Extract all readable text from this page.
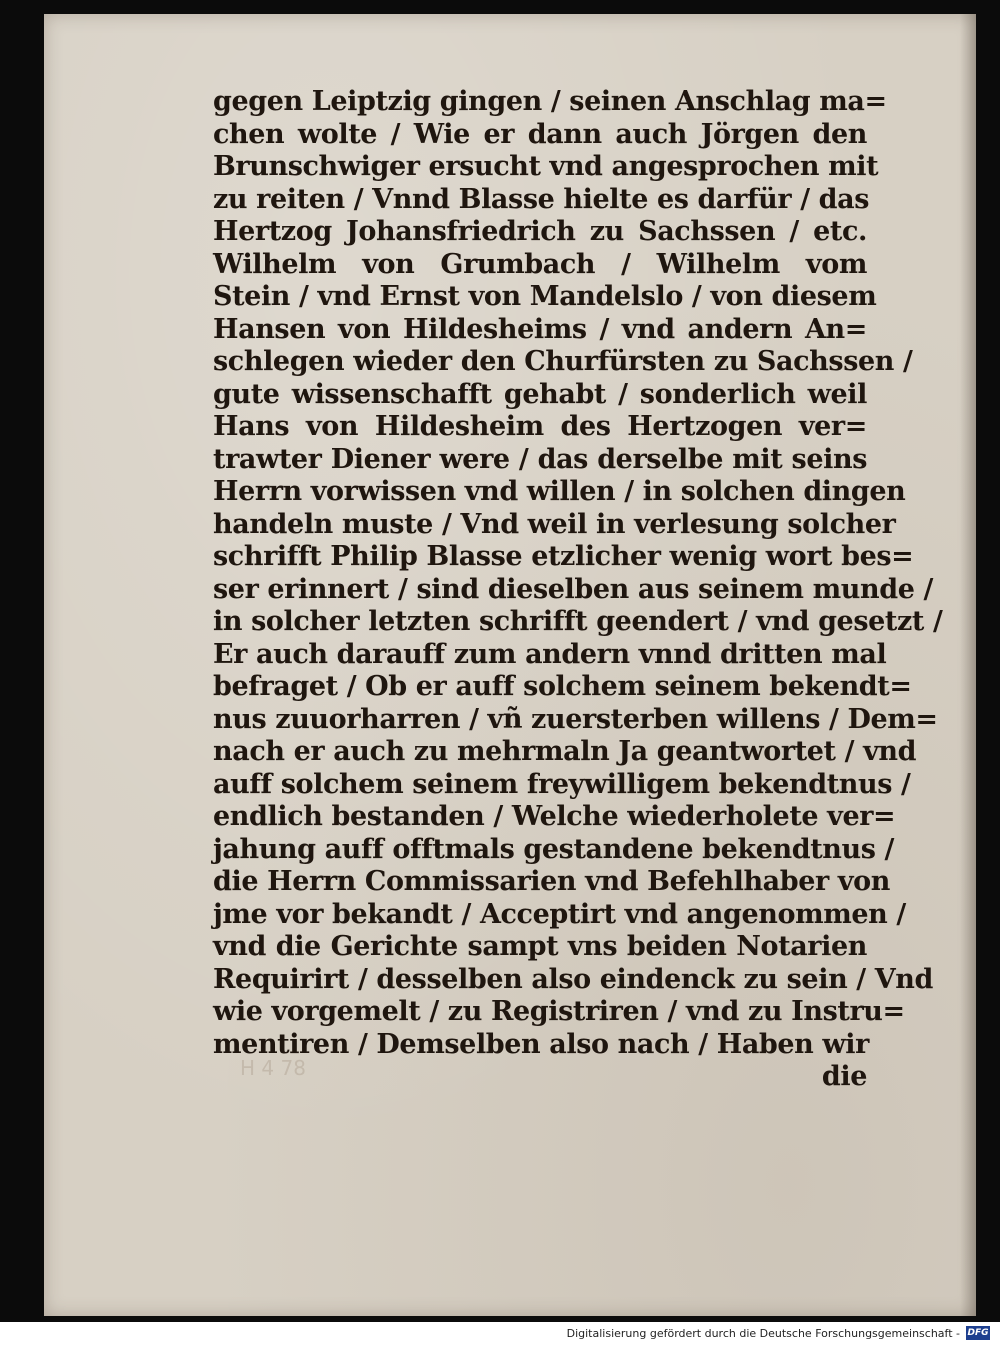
gegen Leiptzig gingen / seinen Anschlag ma=
chen wolte / Wie er dann auch Jörgen den
Brunschwiger ersucht vnd angesprochen mit
zu reiten / Vnnd Blasse hielte es darfür / das
Hertzog Johansfriedrich zu Sachssen / etc.
Wilhelm von Grumbach / Wilhelm vom
Stein / vnd Ernst von Mandelslo / von diesem
Hansen von Hildesheims / vnd andern An=
schlegen wieder den Churfürsten zu Sachssen /
gute wissenschafft gehabt / sonderlich weil
Hans von Hildesheim des Hertzogen ver=
trawter Diener were / das derselbe mit seins
Herrn vorwissen vnd willen / in solchen dingen
handeln muste / Vnd weil in verlesung solcher
schrifft Philip Blasse etzlicher wenig wort bes=
ser erinnert / sind dieselben aus seinem munde /
in solcher letzten schrifft geendert / vnd gesetzt /
Er auch darauff zum andern vnnd dritten mal
befraget / Ob er auff solchem seinem bekendt=
nus zuuorharren / vñ zuersterben willens / Dem=
nach er auch zu mehrmaln Ja geantwortet / vnd
auff solchem seinem freywilligem bekendtnus /
endlich bestanden / Welche wiederholete ver=
jahung auff offtmals gestandene bekendtnus /
die Herrn Commissarien vnd Befehlhaber von
jme vor bekandt / Acceptirt vnd angenommen /
vnd die Gerichte sampt vns beiden Notarien
Requirirt / desselben also eindenck zu sein / Vnd
wie vorgemelt / zu Registriren / vnd zu Instru=
mentiren / Demselben also nach / Haben wir
die
H 4 78
Digitalisierung gefördert durch die Deutsche Forschungsgemeinschaft - DFG
